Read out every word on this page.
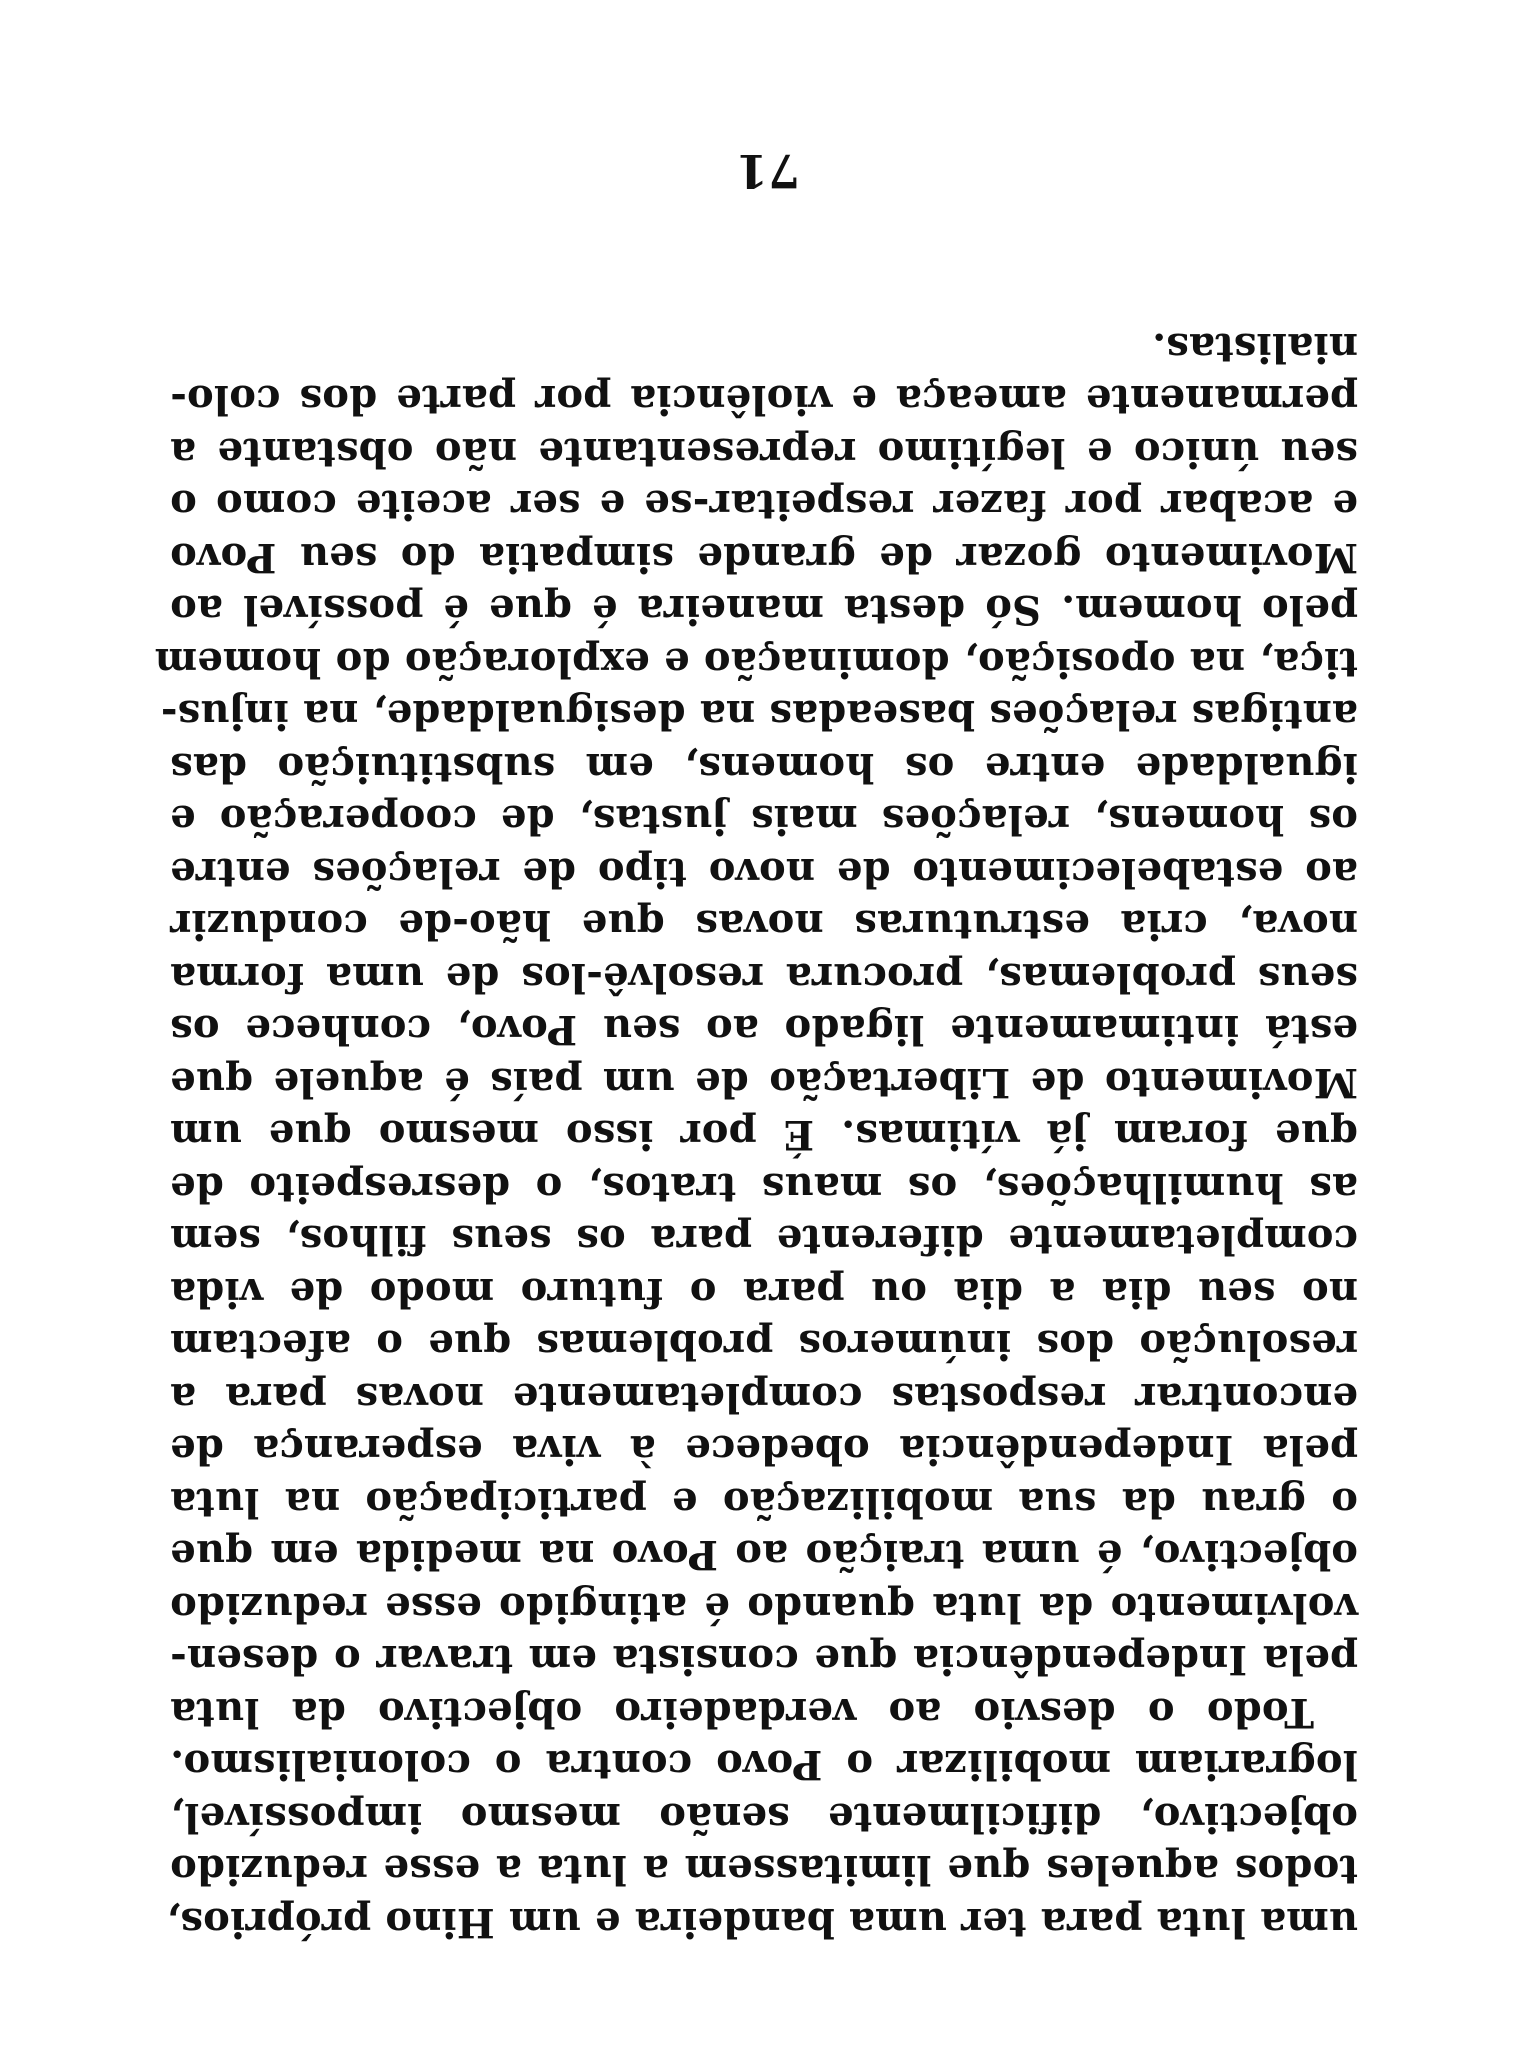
uma luta para ter uma bandeira e um Hino próprios,
todos aqueles que limitassem a luta a esse reduzido
objectivo, dificilmente senão mesmo impossível,
lograriam mobilizar o Povo contra o colonialismo.
Todo o desvio ao verdadeiro objectivo da luta
pela Independência que consista em travar o desen-
volvimento da luta quando é atingido esse reduzido
objectivo, é uma traição ao Povo na medida em que
o grau da sua mobilização e participação na luta
pela Independência obedece à viva esperança de
encontrar respostas completamente novas para a
resolução dos inúmeros problemas que o afectam
no seu dia a dia ou para o futuro modo de vida
completamente diferente para os seus filhos, sem
as humilhações, os maus tratos, o desrespeito de
que foram já vítimas. É por isso mesmo que um
Movimento de Libertação de um país é aquele que
está intimamente ligado ao seu Povo, conhece os
seus problemas, procura resolvê-los de uma forma
nova, cria estruturas novas que hão-de conduzir
ao estabelecimento de novo tipo de relações entre
os homens, relações mais justas, de cooperação e
igualdade entre os homens, em substituição das
antigas relações baseadas na desigualdade, na injus-
tiça, na oposição, dominação e exploração do homem
pelo homem. Só desta maneira é que é possível ao
Movimento gozar de grande simpatia do seu Povo
e acabar por fazer respeitar-se e ser aceite como o
seu único e legítimo representante não obstante a
permanente ameaça e violência por parte dos colo-
nialistas.
71
